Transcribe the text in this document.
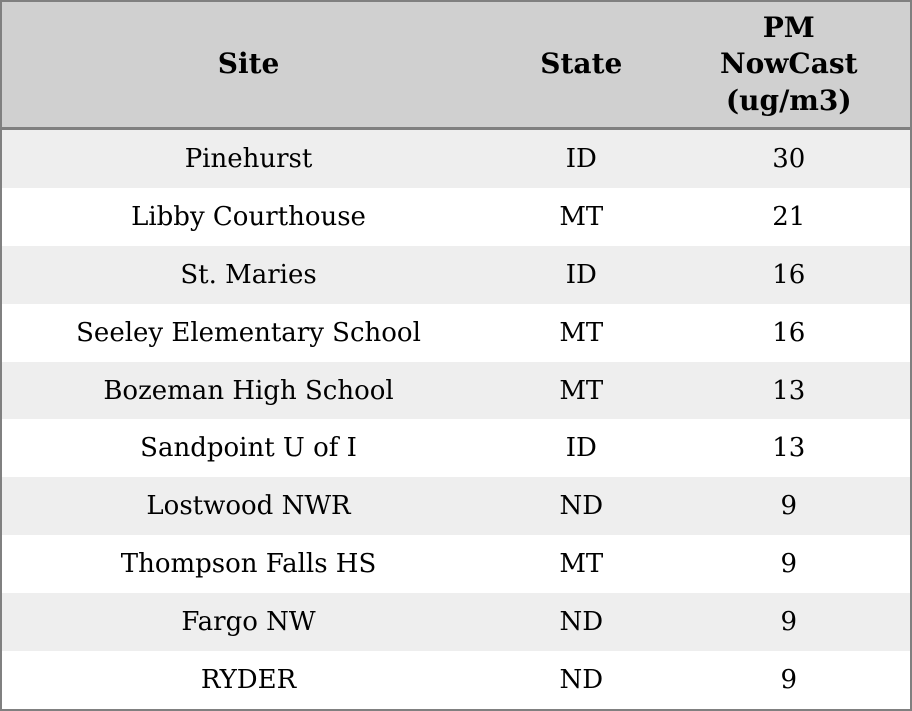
Site	State	PM NowCast (ug/m3)
Pinehurst	ID	30
Libby Courthouse	MT	21
St. Maries	ID	16
Seeley Elementary School	MT	16
Bozeman High School	MT	13
Sandpoint U of I	ID	13
Lostwood NWR	ND	9
Thompson Falls HS	MT	9
Fargo NW	ND	9
RYDER	ND	9
